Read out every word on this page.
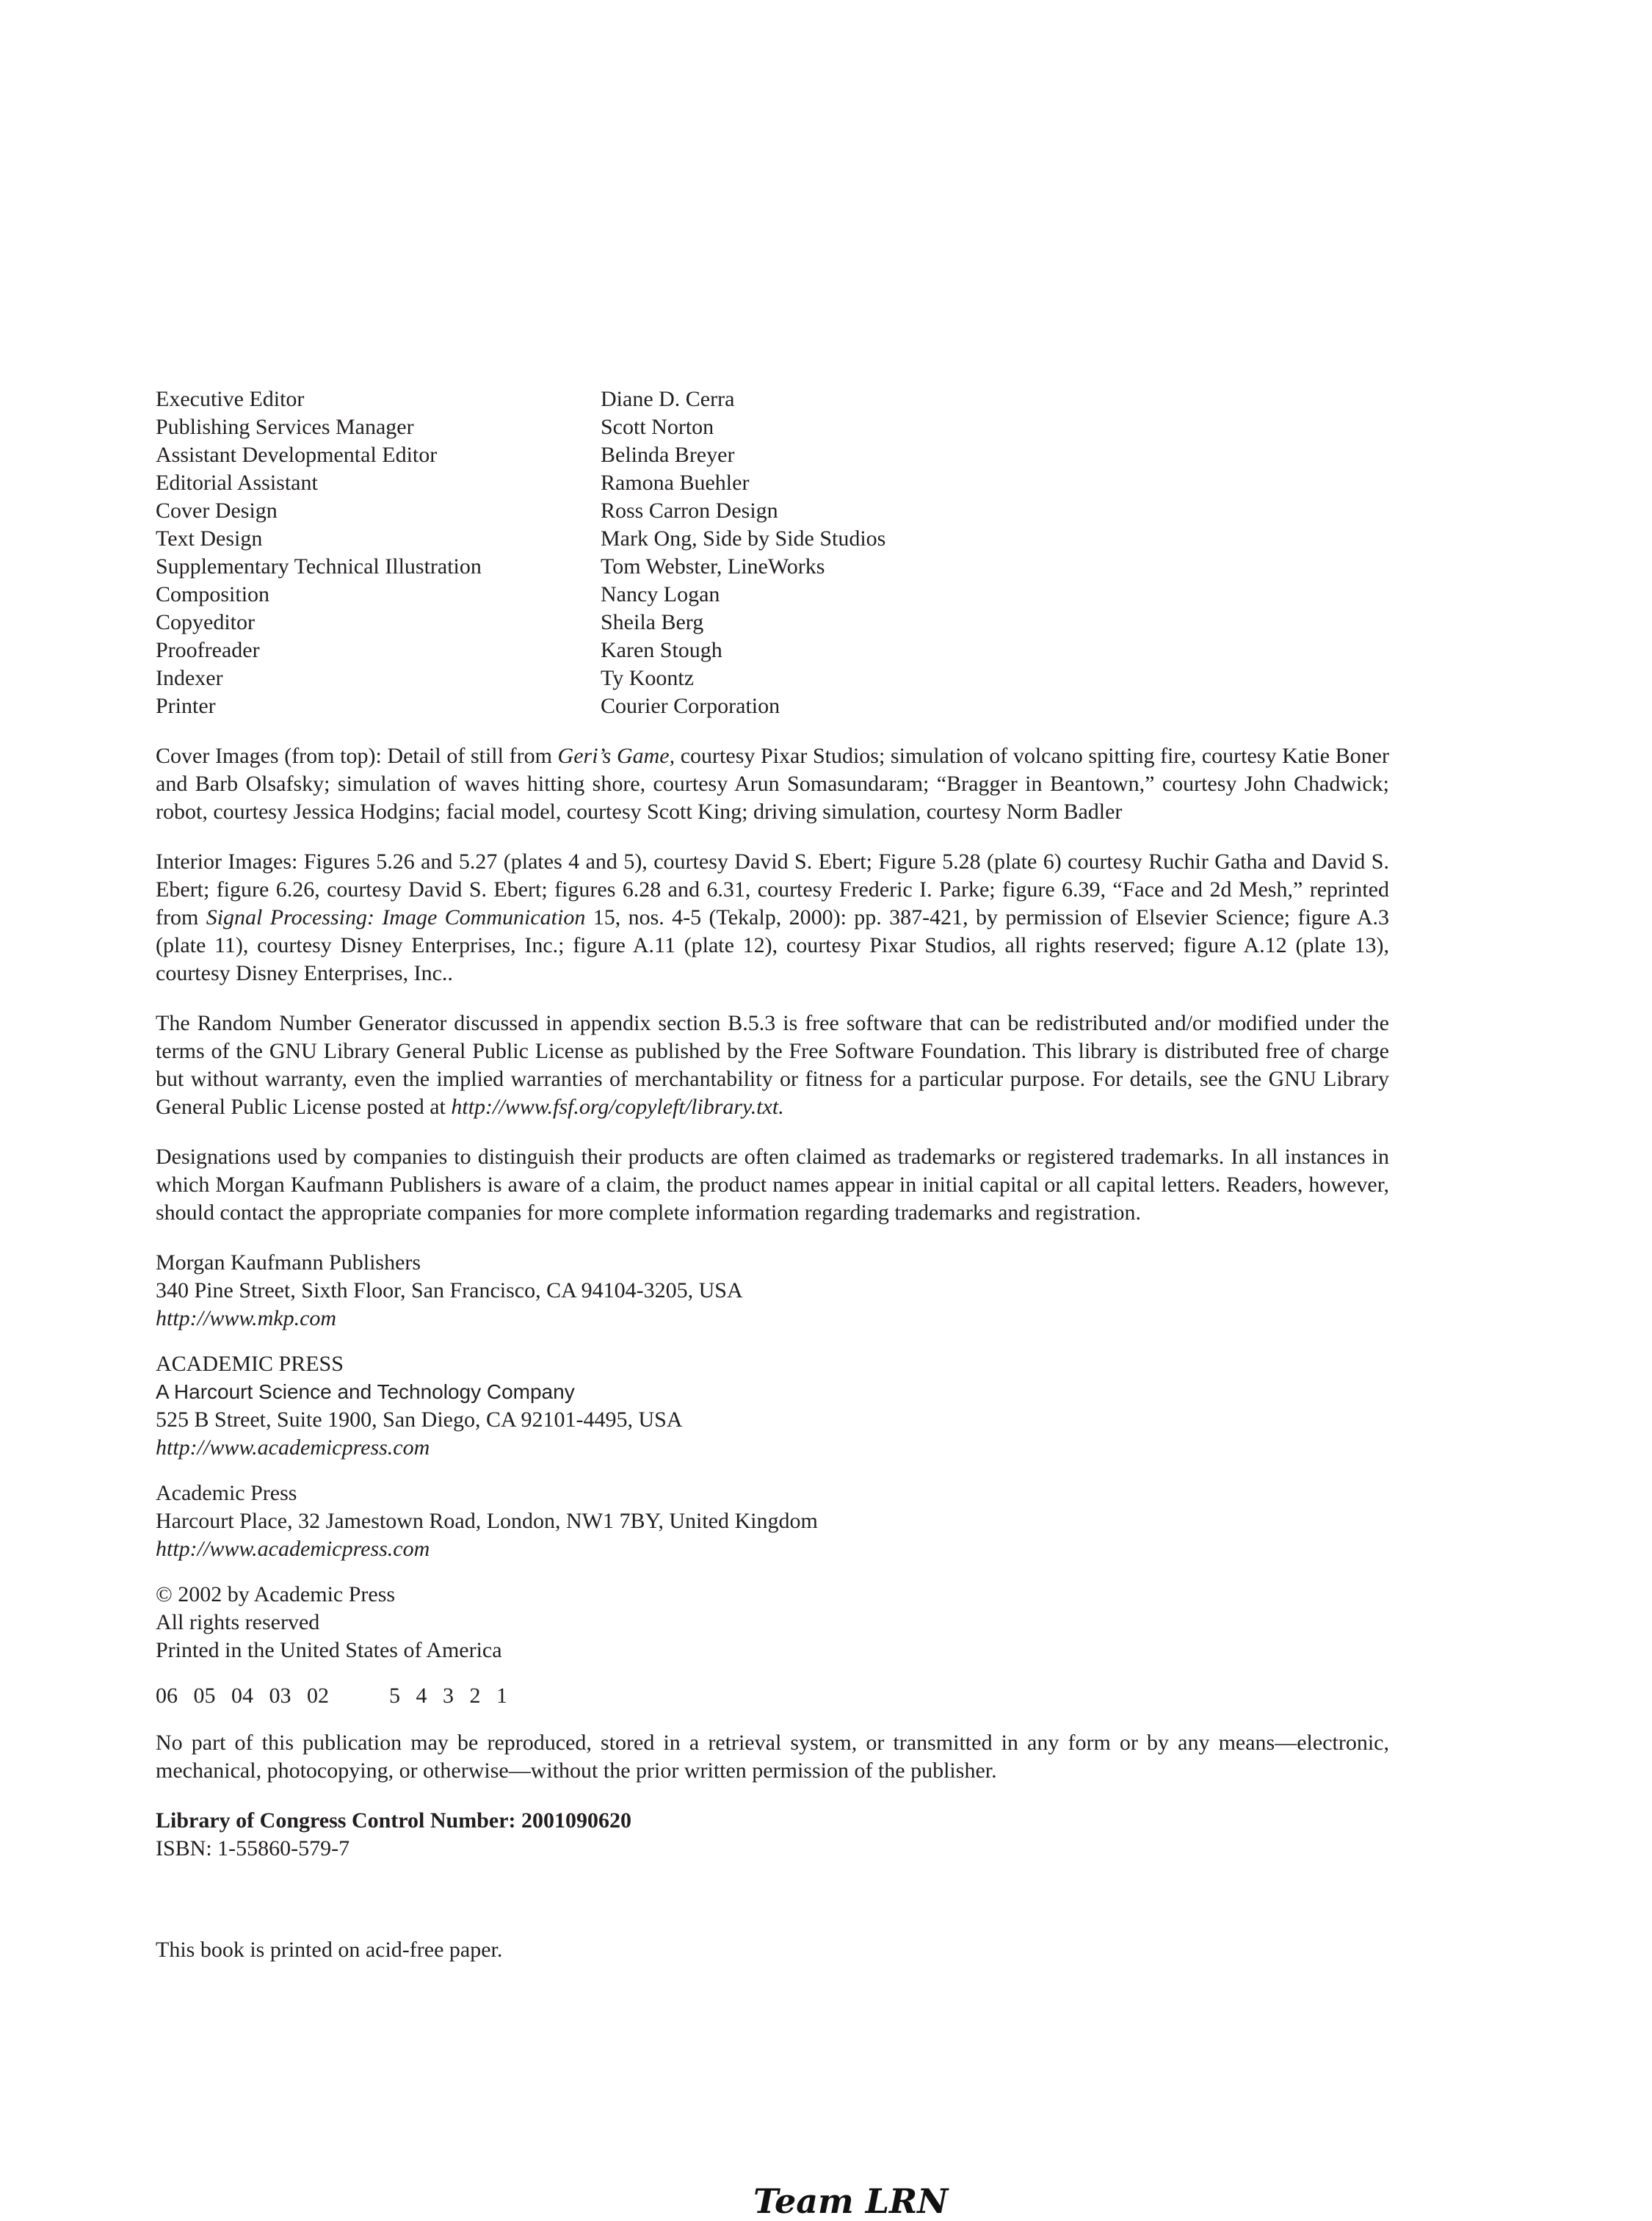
Executive Editor	Diane D. Cerra
Publishing Services Manager	Scott Norton
Assistant Developmental Editor	Belinda Breyer
Editorial Assistant	Ramona Buehler
Cover Design	Ross Carron Design
Text Design	Mark Ong, Side by Side Studios
Supplementary Technical Illustration	Tom Webster, LineWorks
Composition	Nancy Logan
Copyeditor	Sheila Berg
Proofreader	Karen Stough
Indexer	Ty Koontz
Printer	Courier Corporation

Cover Images (from top): Detail of still from Geri’s Game, courtesy Pixar Studios; simulation of volcano spitting fire, courtesy Katie Boner and Barb Olsafsky; simulation of waves hitting shore, courtesy Arun Somasundaram; “Bragger in Beantown,” courtesy John Chadwick; robot, courtesy Jessica Hodgins; facial model, courtesy Scott King; driving simulation, courtesy Norm Badler

Interior Images: Figures 5.26 and 5.27 (plates 4 and 5), courtesy David S. Ebert; Figure 5.28 (plate 6) courtesy Ruchir Gatha and David S. Ebert; figure 6.26, courtesy David S. Ebert; figures 6.28 and 6.31, courtesy Frederic I. Parke; figure 6.39, “Face and 2d Mesh,” reprinted from Signal Processing: Image Communication 15, nos. 4-5 (Tekalp, 2000): pp. 387-421, by permission of Elsevier Science; figure A.3 (plate 11), courtesy Disney Enterprises, Inc.; figure A.11 (plate 12), courtesy Pixar Studios, all rights reserved; figure A.12 (plate 13), courtesy Disney Enterprises, Inc..

The Random Number Generator discussed in appendix section B.5.3 is free software that can be redistributed and/or modified under the terms of the GNU Library General Public License as published by the Free Software Foundation. This library is distributed free of charge but without warranty, even the implied warranties of merchantability or fitness for a particular purpose. For details, see the GNU Library General Public License posted at http://www.fsf.org/copyleft/library.txt.

Designations used by companies to distinguish their products are often claimed as trademarks or registered trademarks. In all instances in which Morgan Kaufmann Publishers is aware of a claim, the product names appear in initial capital or all capital letters. Readers, however, should contact the appropriate companies for more complete information regarding trademarks and registration.

Morgan Kaufmann Publishers
340 Pine Street, Sixth Floor, San Francisco, CA 94104-3205, USA
http://www.mkp.com
ACADEMIC PRESS
A Harcourt Science and Technology Company
525 B Street, Suite 1900, San Diego, CA 92101-4495, USA
http://www.academicpress.com
Academic Press
Harcourt Place, 32 Jamestown Road, London, NW1 7BY, United Kingdom
http://www.academicpress.com
© 2002 by Academic Press
All rights reserved
Printed in the United States of America
06 05 04 03 02	5 4 3 2 1

No part of this publication may be reproduced, stored in a retrieval system, or transmitted in any form or by any means—electronic, mechanical, photocopying, or otherwise—without the prior written permission of the publisher.

Library of Congress Control Number: 2001090620
ISBN: 1-55860-579-7

This book is printed on acid-free paper.

Team LRN
